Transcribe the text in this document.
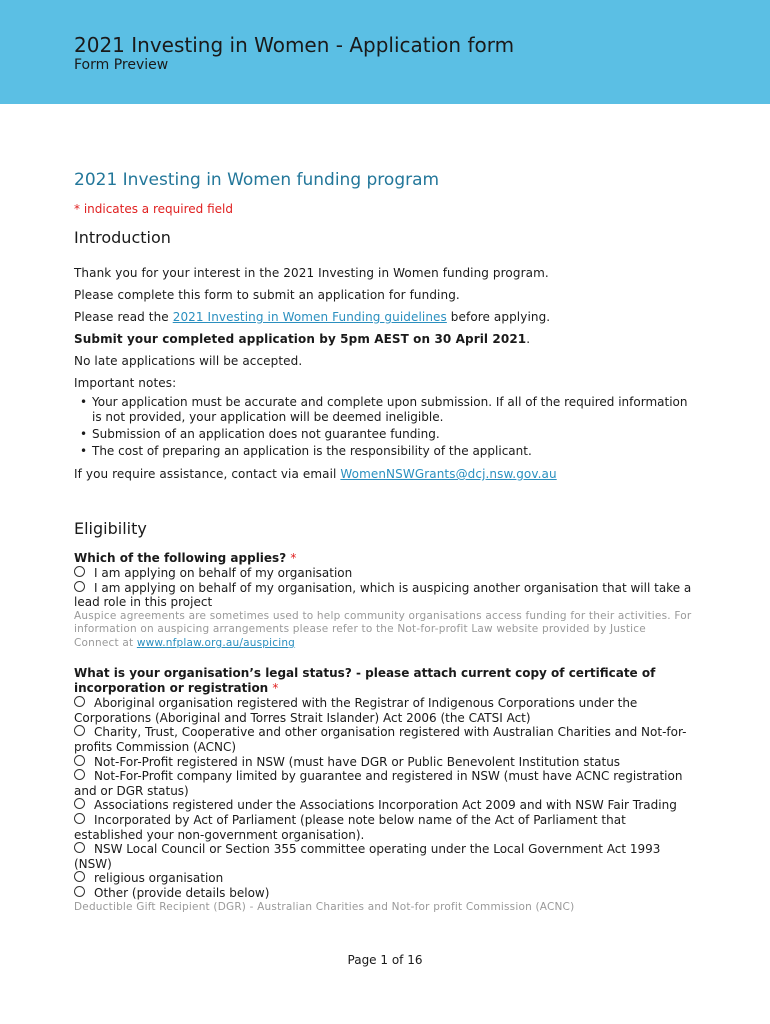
2021 Investing in Women - Application form
Form Preview
2021 Investing in Women funding program
* indicates a required field
Introduction
Thank you for your interest in the 2021 Investing in Women funding program.
Please complete this form to submit an application for funding.
Please read the 2021 Investing in Women Funding guidelines before applying.
Submit your completed application by 5pm AEST on 30 April 2021.
No late applications will be accepted.
Important notes:
• Your application must be accurate and complete upon submission. If all of the required information is not provided, your application will be deemed ineligible.
• Submission of an application does not guarantee funding.
• The cost of preparing an application is the responsibility of the applicant.
If you require assistance, contact via email WomenNSWGrants@dcj.nsw.gov.au
Eligibility
Which of the following applies? *
I am applying on behalf of my organisation
I am applying on behalf of my organisation, which is auspicing another organisation that will take a lead role in this project
Auspice agreements are sometimes used to help community organisations access funding for their activities. For information on auspicing arrangements please refer to the Not-for-profit Law website provided by Justice Connect at www.nfplaw.org.au/auspicing
What is your organisation’s legal status? - please attach current copy of certificate of incorporation or registration *
Aboriginal organisation registered with the Registrar of Indigenous Corporations under the Corporations (Aboriginal and Torres Strait Islander) Act 2006 (the CATSI Act)
Charity, Trust, Cooperative and other organisation registered with Australian Charities and Not-for-profits Commission (ACNC)
Not-For-Profit registered in NSW (must have DGR or Public Benevolent Institution status
Not-For-Profit company limited by guarantee and registered in NSW (must have ACNC registration and or DGR status)
Associations registered under the Associations Incorporation Act 2009 and with NSW Fair Trading
Incorporated by Act of Parliament (please note below name of the Act of Parliament that established your non-government organisation).
NSW Local Council or Section 355 committee operating under the Local Government Act 1993 (NSW)
religious organisation
Other (provide details below)
Deductible Gift Recipient (DGR) - Australian Charities and Not-for profit Commission (ACNC)
Page 1 of 16
